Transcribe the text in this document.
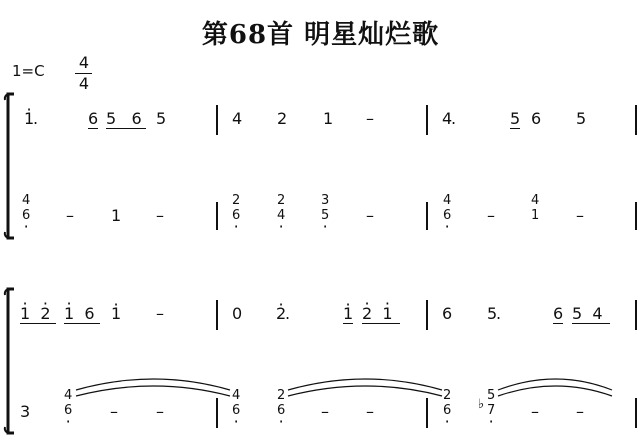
第68首 明星灿烂歌
1=C 4
4
· 1
.	6 5 6 5	4 2 1 –	4
.	5 6 5
4
6 · – 1 –
2
6 ·
2
4 ·
3
5 · –
4
6 · –
4
1 –
· 1 · 2 · 1 6	· 1 –	0 · 2
.	· 1 · 2 · 1	6 5
.	6 5 4
3
4
6 · – –
4
6 ·
2
6 · – –
2
6 · ♭
5
7 · – –
